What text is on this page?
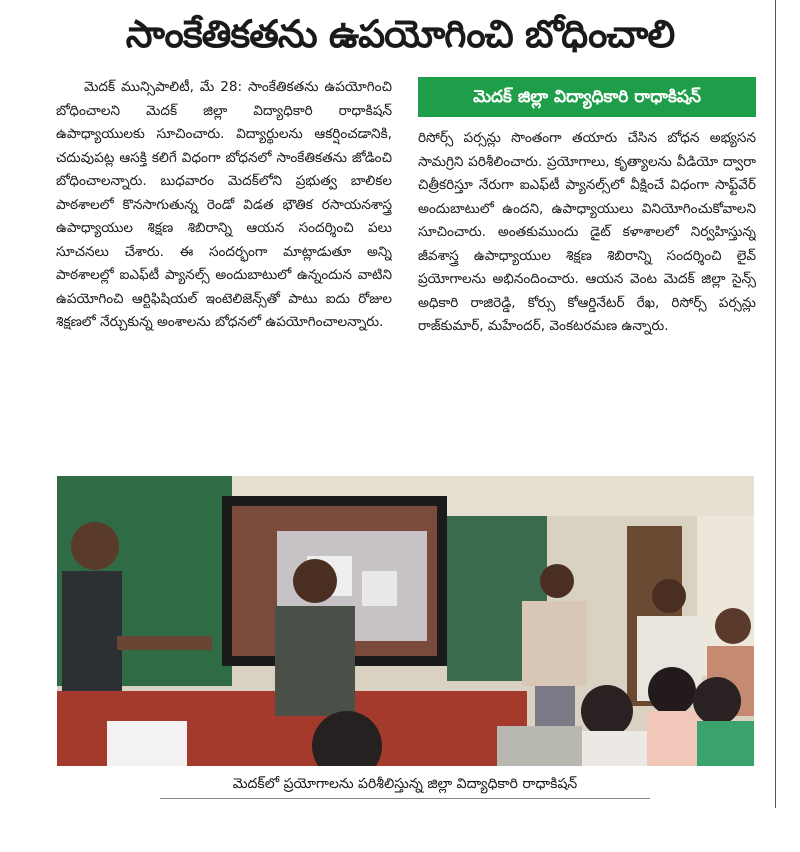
సాంకేతికతను ఉపయోగించి బోధించాలి

మెదక్ మున్సిపాలిటీ, మే 28: సాంకేతికతను ఉపయోగించి బోధించాలని మెదక్ జిల్లా విద్యాధికారి రాధాకిషన్ ఉపాధ్యాయులకు సూచించారు. విద్యార్థులను ఆకర్షించడానికి, చదువుపట్ల ఆసక్తి కలిగే విధంగా బోధనలో సాంకేతికతను జోడించి బోధించాలన్నారు. బుధవారం మెదక్‌లోని ప్రభుత్వ బాలికల పాఠశాలలో కొనసాగుతున్న రెండో విడత భౌతిక రసాయనశాస్త్ర ఉపాధ్యాయుల శిక్షణ శిబిరాన్ని ఆయన సందర్శించి పలు సూచనలు చేశారు. ఈ సందర్భంగా మాట్లాడుతూ అన్ని పాఠశాలల్లో ఐఎఫ్‌టీ ప్యానల్స్ అందుబాటులో ఉన్నందున వాటిని ఉపయోగించి ఆర్టిఫిషియల్ ఇంటెలిజెన్స్‌తో పాటు ఐదు రోజుల శిక్షణలో నేర్చుకున్న అంశాలను బోధనలో ఉపయోగించాలన్నారు.

మెదక్ జిల్లా విద్యాధికారి రాధాకిషన్

రిసోర్స్ పర్సన్లు సొంతంగా తయారు చేసిన బోధన అభ్యసన సామగ్రిని పరిశీలించారు. ప్రయోగాలు, కృత్యాలను వీడియో ద్వారా చిత్రీకరిస్తూ నేరుగా ఐఎఫ్‌టీ ప్యానల్స్‌లో వీక్షించే విధంగా సాఫ్ట్‌వేర్ అందుబాటులో ఉందని, ఉపాధ్యాయులు వినియోగించుకోవాలని సూచించారు. అంతకుముందు డైట్ కళాశాలలో నిర్వహిస్తున్న జీవశాస్త్ర ఉపాధ్యాయుల శిక్షణ శిబిరాన్ని సందర్శించి లైవ్ ప్రయోగాలను అభినందించారు. ఆయన వెంట మెదక్ జిల్లా సైన్స్ అధికారి రాజిరెడ్డి, కోర్సు కోఆర్డినేటర్ రేఖ, రిసోర్స్ పర్సన్లు రాజ్‌కుమార్, మహేందర్, వెంకటరమణ ఉన్నారు.

మెదక్‌లో ప్రయోగాలను పరిశీలిస్తున్న జిల్లా విద్యాధికారి రాధాకిషన్
